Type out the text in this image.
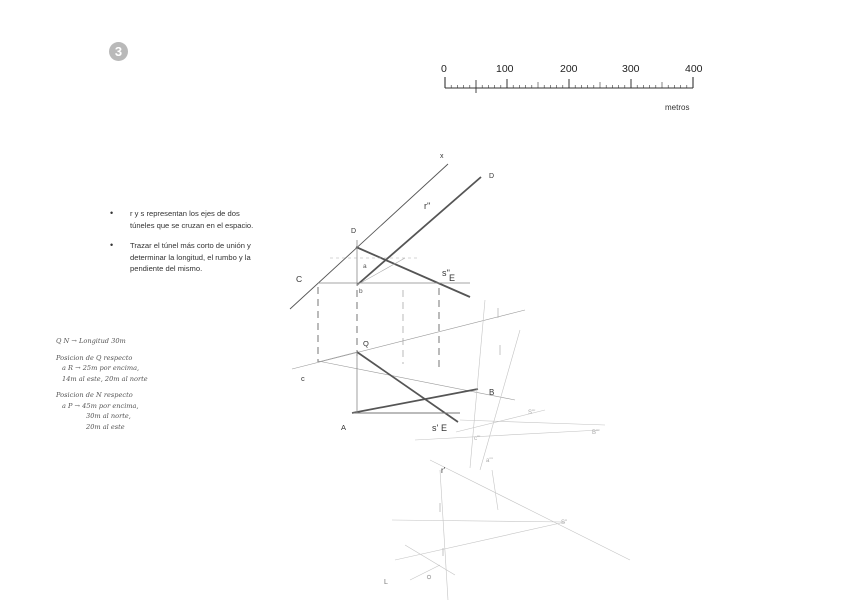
3
0	100	200	300	400
metros
B'''
S'''
S''
a'''
c'''
L
r''
r'
s'' E
s' E
C
c
A
B
D
D
a
b
Q
x
• r y s representan los ejes de dos túneles que se cruzan en el espacio.
• Trazar el túnel más corto de unión y determinar la longitud, el rumbo y la pendiente del mismo.
Q N → Longitud 30m
Posicion de Q respecto
a R → 25m por encima,
14m al este, 20m al norte
Posicion de N respecto
a P → 45m por encima,
30m al norte,
20m al este
